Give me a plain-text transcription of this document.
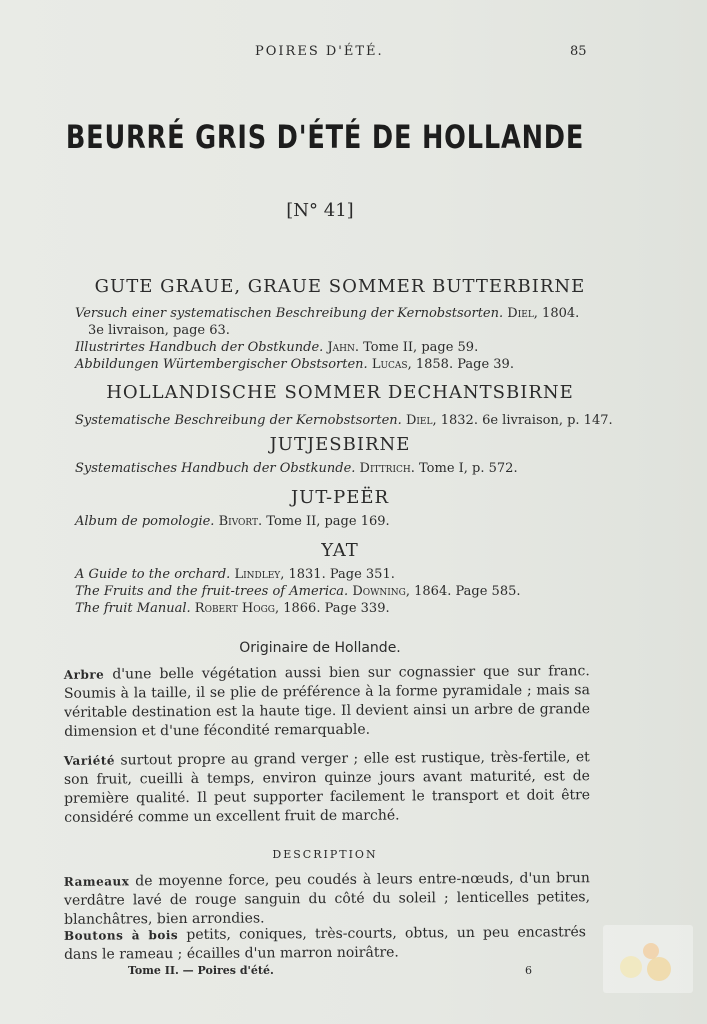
POIRES D'ÉTÉ.	85
BEURRÉ GRIS D'ÉTÉ DE HOLLANDE
[N° 41]
GUTE GRAUE, GRAUE SOMMER BUTTERBIRNE
Versuch einer systematischen Beschreibung der Kernobstsorten. Diel, 1804.
3e livraison, page 63.
Illustrirtes Handbuch der Obstkunde. Jahn. Tome II, page 59.
Abbildungen Würtembergischer Obstsorten. Lucas, 1858. Page 39.
HOLLANDISCHE SOMMER DECHANTSBIRNE
Systematische Beschreibung der Kernobstsorten. Diel, 1832. 6e livraison, p. 147.
JUTJESBIRNE
Systematisches Handbuch der Obstkunde. Dittrich. Tome I, p. 572.
JUT-PEËR
Album de pomologie. Bivort. Tome II, page 169.
YAT
A Guide to the orchard. Lindley, 1831. Page 351.
The Fruits and the fruit-trees of America. Downing, 1864. Page 585.
The fruit Manual. Robert Hogg, 1866. Page 339.
Originaire de Hollande.

Arbre d'une belle végétation aussi bien sur cognassier que sur franc. Soumis à la taille, il se plie de préférence à la forme pyramidale ; mais sa véritable destination est la haute tige. Il devient ainsi un arbre de grande dimension et d'une fécondité remarquable.

Variété surtout propre au grand verger ; elle est rustique, très-fertile, et son fruit, cueilli à temps, environ quinze jours avant maturité, est de première qualité. Il peut supporter facilement le transport et doit être considéré comme un excellent fruit de marché.

DESCRIPTION

Rameaux de moyenne force, peu coudés à leurs entre-nœuds, d'un brun verdâtre lavé de rouge sanguin du côté du soleil ; lenticelles petites, blanchâtres, bien arrondies.

Boutons à bois petits, coniques, très-courts, obtus, un peu encastrés dans le rameau ; écailles d'un marron noirâtre.

Tome II. — Poires d'été.	6
